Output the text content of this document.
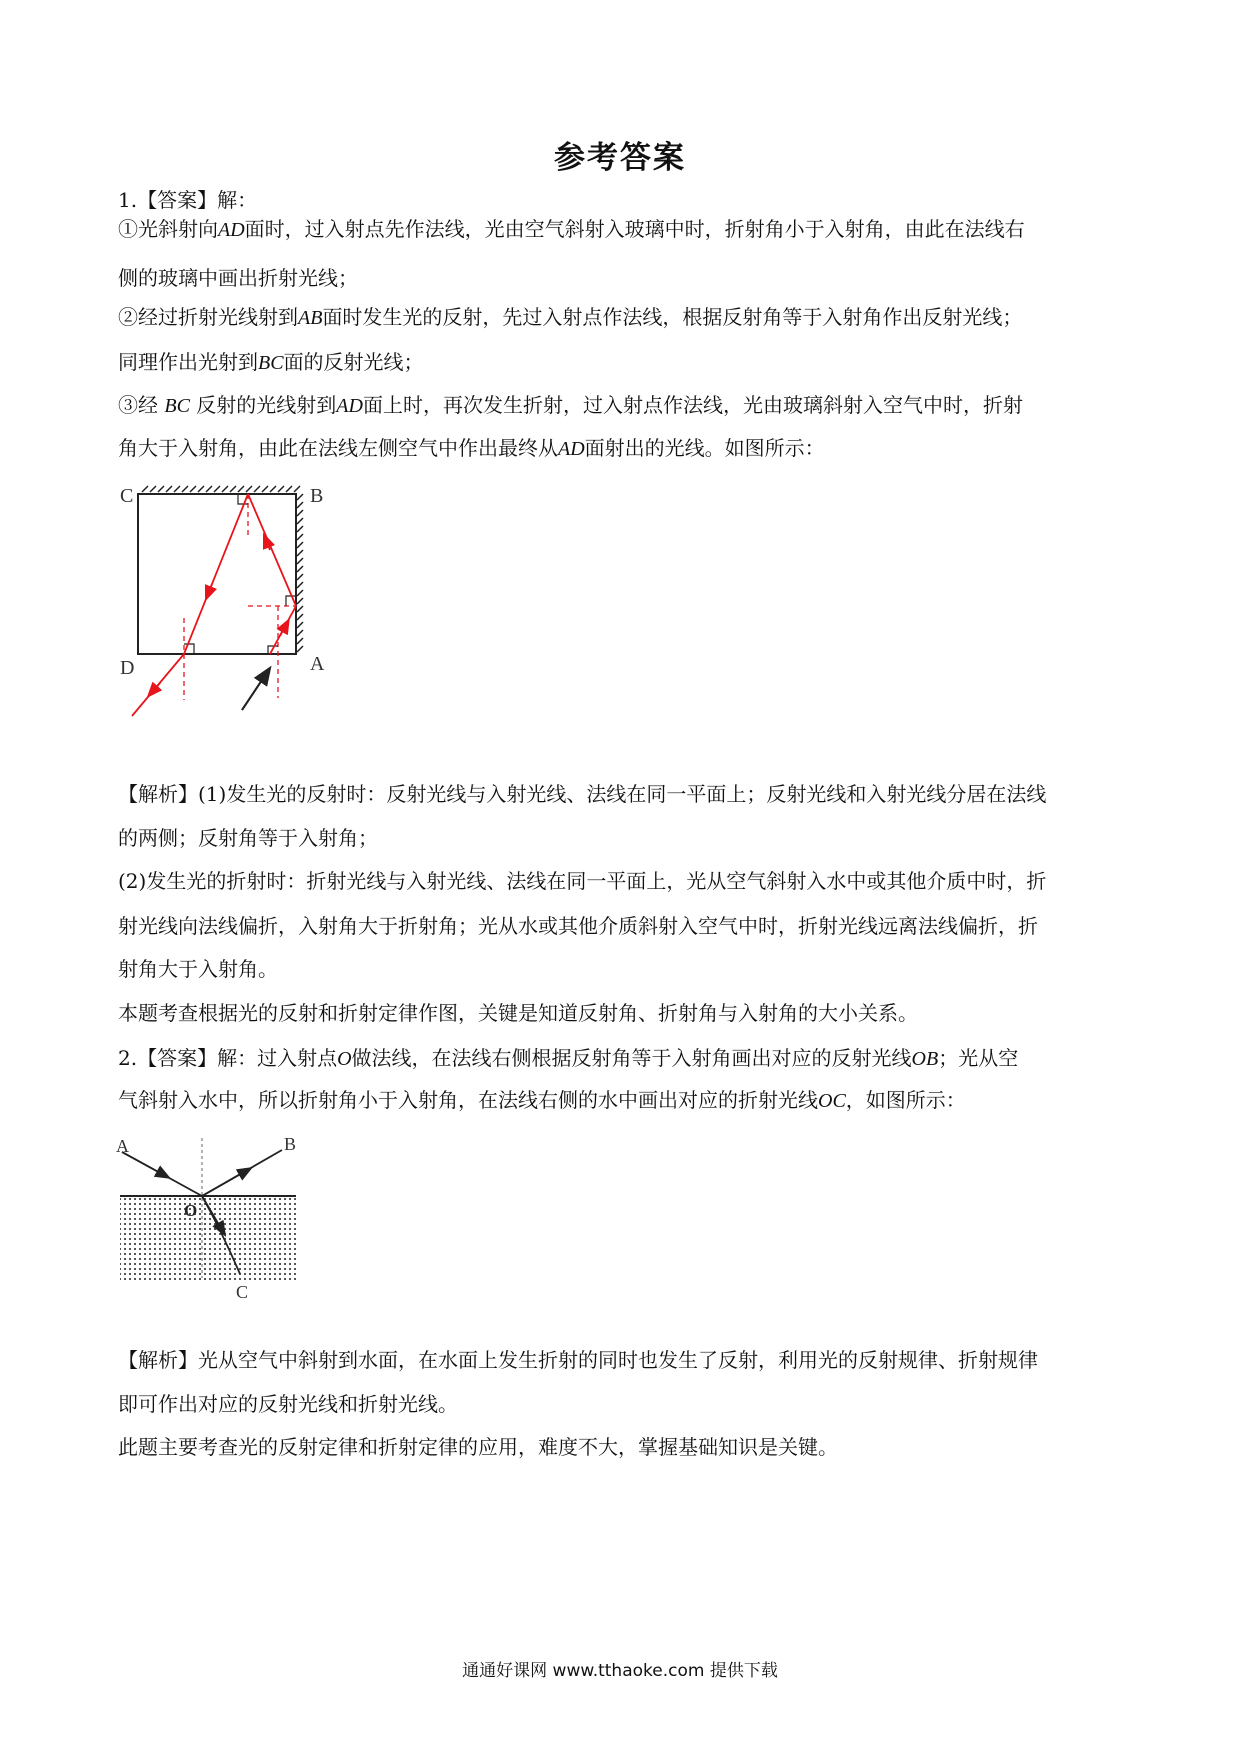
参考答案
1.【答案】解：
①光斜射向AD面时，过入射点先作法线，光由空气斜射入玻璃中时，折射角小于入射角，由此在法线右
侧的玻璃中画出折射光线；
②经过折射光线射到AB面时发生光的反射，先过入射点作法线，根据反射角等于入射角作出反射光线；
同理作出光射到BC面的反射光线；
③经 BC 反射的光线射到AD面上时，再次发生折射，过入射点作法线，光由玻璃斜射入空气中时，折射
角大于入射角，由此在法线左侧空气中作出最终从AD面射出的光线。如图所示：
C	B
D	A
【解析】(1)发生光的反射时：反射光线与入射光线、法线在同一平面上；反射光线和入射光线分居在法线
的两侧；反射角等于入射角；
(2)发生光的折射时：折射光线与入射光线、法线在同一平面上，光从空气斜射入水中或其他介质中时，折
射光线向法线偏折，入射角大于折射角；光从水或其他介质斜射入空气中时，折射光线远离法线偏折，折
射角大于入射角。
本题考查根据光的反射和折射定律作图，关键是知道反射角、折射角与入射角的大小关系。
2.【答案】解：过入射点O做法线，在法线右侧根据反射角等于入射角画出对应的反射光线OB；光从空
气斜射入水中，所以折射角小于入射角，在法线右侧的水中画出对应的折射光线OC，如图所示：
A	B
O
C
【解析】光从空气中斜射到水面，在水面上发生折射的同时也发生了反射，利用光的反射规律、折射规律
即可作出对应的反射光线和折射光线。
此题主要考查光的反射定律和折射定律的应用，难度不大，掌握基础知识是关键。
通通好课网 www.tthaoke.com 提供下载
